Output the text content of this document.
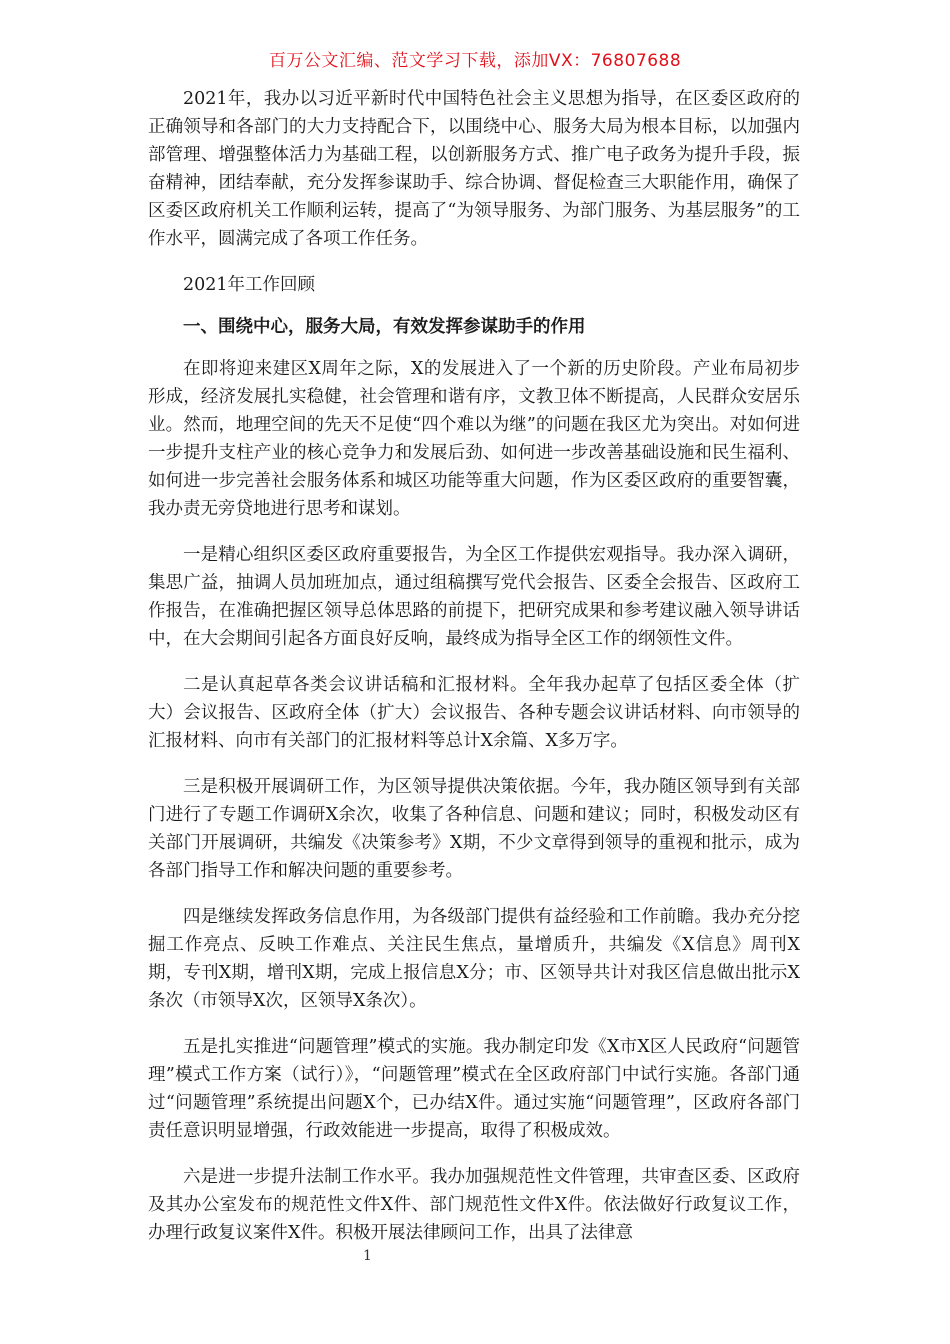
百万公文汇编、范文学习下载，添加VX：76807688

2021年，我办以习近平新时代中国特色社会主义思想为指导，在区委区政府的正确领导和各部门的大力支持配合下，以围绕中心、服务大局为根本目标，以加强内部管理、增强整体活力为基础工程，以创新服务方式、推广电子政务为提升手段，振奋精神，团结奉献，充分发挥参谋助手、综合协调、督促检查三大职能作用，确保了区委区政府机关工作顺利运转，提高了“为领导服务、为部门服务、为基层服务”的工作水平，圆满完成了各项工作任务。

2021年工作回顾
一、围绕中心，服务大局，有效发挥参谋助手的作用

在即将迎来建区X周年之际，X的发展进入了一个新的历史阶段。产业布局初步形成，经济发展扎实稳健，社会管理和谐有序，文教卫体不断提高，人民群众安居乐业。然而，地理空间的先天不足使“四个难以为继”的问题在我区尤为突出。对如何进一步提升支柱产业的核心竞争力和发展后劲、如何进一步改善基础设施和民生福利、如何进一步完善社会服务体系和城区功能等重大问题，作为区委区政府的重要智囊，我办责无旁贷地进行思考和谋划。

一是精心组织区委区政府重要报告，为全区工作提供宏观指导。我办深入调研，集思广益，抽调人员加班加点，通过组稿撰写党代会报告、区委全会报告、区政府工作报告，在准确把握区领导总体思路的前提下，把研究成果和参考建议融入领导讲话中，在大会期间引起各方面良好反响，最终成为指导全区工作的纲领性文件。

二是认真起草各类会议讲话稿和汇报材料。全年我办起草了包括区委全体（扩大）会议报告、区政府全体（扩大）会议报告、各种专题会议讲话材料、向市领导的汇报材料、向市有关部门的汇报材料等总计X余篇、X多万字。

三是积极开展调研工作，为区领导提供决策依据。今年，我办随区领导到有关部门进行了专题工作调研X余次，收集了各种信息、问题和建议；同时，积极发动区有关部门开展调研，共编发《决策参考》X期，不少文章得到领导的重视和批示，成为各部门指导工作和解决问题的重要参考。

四是继续发挥政务信息作用，为各级部门提供有益经验和工作前瞻。我办充分挖掘工作亮点、反映工作难点、关注民生焦点，量增质升，共编发《X信息》周刊X期，专刊X期，增刊X期，完成上报信息X分；市、区领导共计对我区信息做出批示X条次（市领导X次，区领导X条次）。

五是扎实推进“问题管理”模式的实施。我办制定印发《X市X区人民政府“问题管理”模式工作方案（试行）》，“问题管理”模式在全区政府部门中试行实施。各部门通过“问题管理”系统提出问题X个，已办结X件。通过实施“问题管理”，区政府各部门责任意识明显增强，行政效能进一步提高，取得了积极成效。

六是进一步提升法制工作水平。我办加强规范性文件管理，共审查区委、区政府及其办公室发布的规范性文件X件、部门规范性文件X件。依法做好行政复议工作，办理行政复议案件X件。积极开展法律顾问工作，出具了法律意

1
